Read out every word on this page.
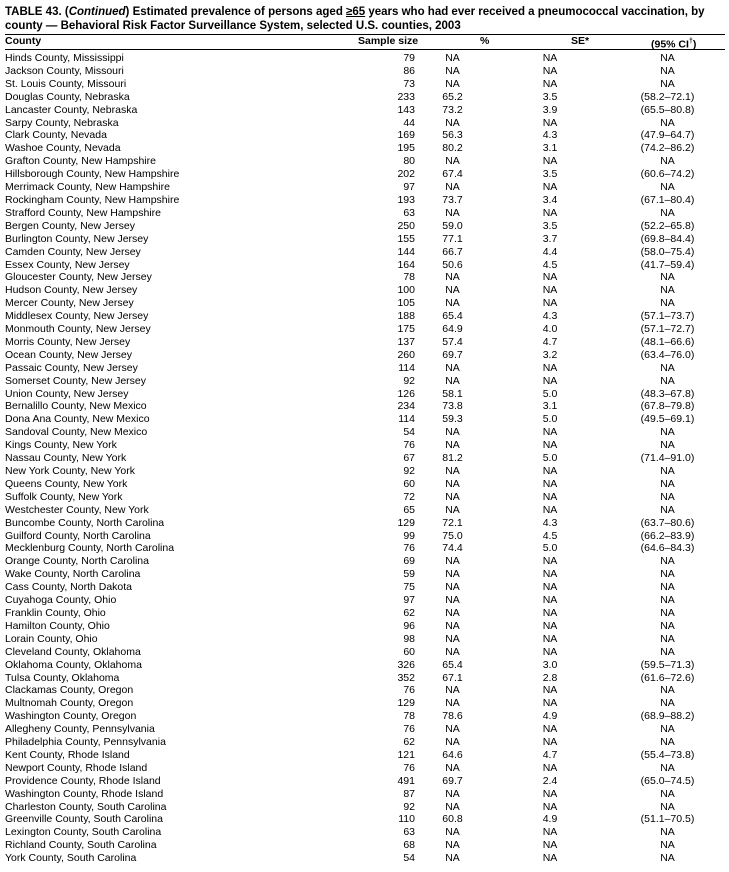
TABLE 43. (Continued) Estimated prevalence of persons aged ≥65 years who had ever received a pneumococcal vaccination, by county — Behavioral Risk Factor Surveillance System, selected U.S. counties, 2003
County	Sample size	%	SE*	(95% CI†)
Hinds County, Mississippi	79	NA	NA	NA
Jackson County, Missouri	86	NA	NA	NA
St. Louis County, Missouri	73	NA	NA	NA
Douglas County, Nebraska	233	65.2	3.5	(58.2–72.1)
Lancaster County, Nebraska	143	73.2	3.9	(65.5–80.8)
Sarpy County, Nebraska	44	NA	NA	NA
Clark County, Nevada	169	56.3	4.3	(47.9–64.7)
Washoe County, Nevada	195	80.2	3.1	(74.2–86.2)
Grafton County, New Hampshire	80	NA	NA	NA
Hillsborough County, New Hampshire	202	67.4	3.5	(60.6–74.2)
Merrimack County, New Hampshire	97	NA	NA	NA
Rockingham County, New Hampshire	193	73.7	3.4	(67.1–80.4)
Strafford County, New Hampshire	63	NA	NA	NA
Bergen County, New Jersey	250	59.0	3.5	(52.2–65.8)
Burlington County, New Jersey	155	77.1	3.7	(69.8–84.4)
Camden County, New Jersey	144	66.7	4.4	(58.0–75.4)
Essex County, New Jersey	164	50.6	4.5	(41.7–59.4)
Gloucester County, New Jersey	78	NA	NA	NA
Hudson County, New Jersey	100	NA	NA	NA
Mercer County, New Jersey	105	NA	NA	NA
Middlesex County, New Jersey	188	65.4	4.3	(57.1–73.7)
Monmouth County, New Jersey	175	64.9	4.0	(57.1–72.7)
Morris County, New Jersey	137	57.4	4.7	(48.1–66.6)
Ocean County, New Jersey	260	69.7	3.2	(63.4–76.0)
Passaic County, New Jersey	114	NA	NA	NA
Somerset County, New Jersey	92	NA	NA	NA
Union County, New Jersey	126	58.1	5.0	(48.3–67.8)
Bernalillo County, New Mexico	234	73.8	3.1	(67.8–79.8)
Dona Ana County, New Mexico	114	59.3	5.0	(49.5–69.1)
Sandoval County, New Mexico	54	NA	NA	NA
Kings County, New York	76	NA	NA	NA
Nassau County, New York	67	81.2	5.0	(71.4–91.0)
New York County, New York	92	NA	NA	NA
Queens County, New York	60	NA	NA	NA
Suffolk County, New York	72	NA	NA	NA
Westchester County, New York	65	NA	NA	NA
Buncombe County, North Carolina	129	72.1	4.3	(63.7–80.6)
Guilford County, North Carolina	99	75.0	4.5	(66.2–83.9)
Mecklenburg County, North Carolina	76	74.4	5.0	(64.6–84.3)
Orange County, North Carolina	69	NA	NA	NA
Wake County, North Carolina	59	NA	NA	NA
Cass County, North Dakota	75	NA	NA	NA
Cuyahoga County, Ohio	97	NA	NA	NA
Franklin County, Ohio	62	NA	NA	NA
Hamilton County, Ohio	96	NA	NA	NA
Lorain County, Ohio	98	NA	NA	NA
Cleveland County, Oklahoma	60	NA	NA	NA
Oklahoma County, Oklahoma	326	65.4	3.0	(59.5–71.3)
Tulsa County, Oklahoma	352	67.1	2.8	(61.6–72.6)
Clackamas County, Oregon	76	NA	NA	NA
Multnomah County, Oregon	129	NA	NA	NA
Washington County, Oregon	78	78.6	4.9	(68.9–88.2)
Allegheny County, Pennsylvania	76	NA	NA	NA
Philadelphia County, Pennsylvania	62	NA	NA	NA
Kent County, Rhode Island	121	64.6	4.7	(55.4–73.8)
Newport County, Rhode Island	76	NA	NA	NA
Providence County, Rhode Island	491	69.7	2.4	(65.0–74.5)
Washington County, Rhode Island	87	NA	NA	NA
Charleston County, South Carolina	92	NA	NA	NA
Greenville County, South Carolina	110	60.8	4.9	(51.1–70.5)
Lexington County, South Carolina	63	NA	NA	NA
Richland County, South Carolina	68	NA	NA	NA
York County, South Carolina	54	NA	NA	NA
